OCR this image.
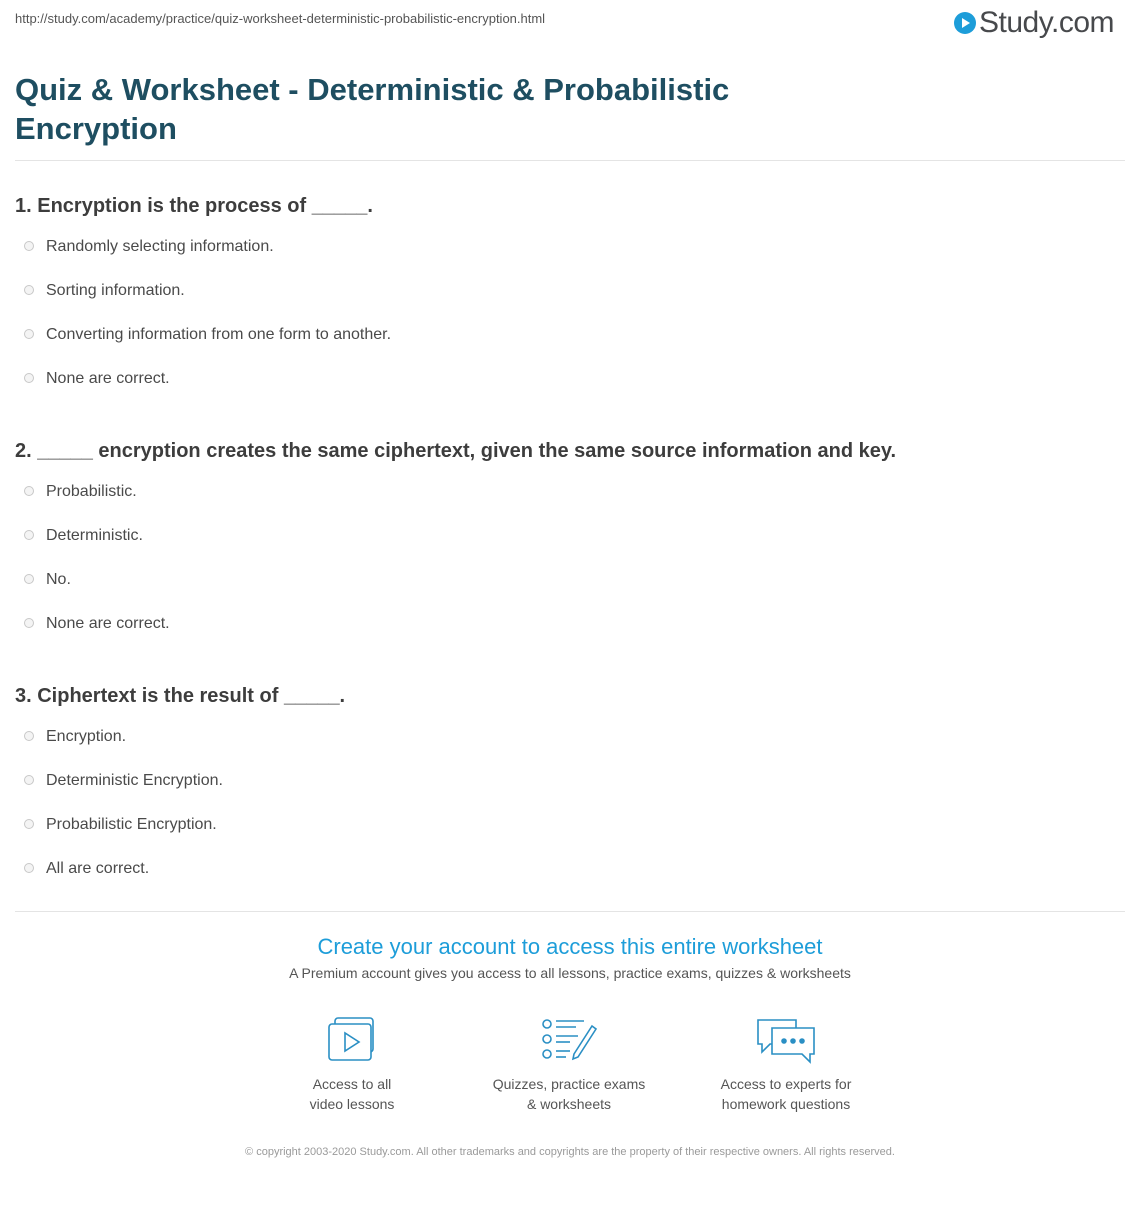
http://study.com/academy/practice/quiz-worksheet-deterministic-probabilistic-encryption.html	Study.com
Quiz & Worksheet - Deterministic & Probabilistic Encryption
1. Encryption is the process of _____.
Randomly selecting information.
Sorting information.
Converting information from one form to another.
None are correct.
2. _____ encryption creates the same ciphertext, given the same source information and key.
Probabilistic.
Deterministic.
No.
None are correct.
3. Ciphertext is the result of _____.
Encryption.
Deterministic Encryption.
Probabilistic Encryption.
All are correct.
Create your account to access this entire worksheet
A Premium account gives you access to all lessons, practice exams, quizzes & worksheets
Access to all
video lessons
Quizzes, practice exams
& worksheets
Access to experts for
homework questions
© copyright 2003-2020 Study.com. All other trademarks and copyrights are the property of their respective owners. All rights reserved.
